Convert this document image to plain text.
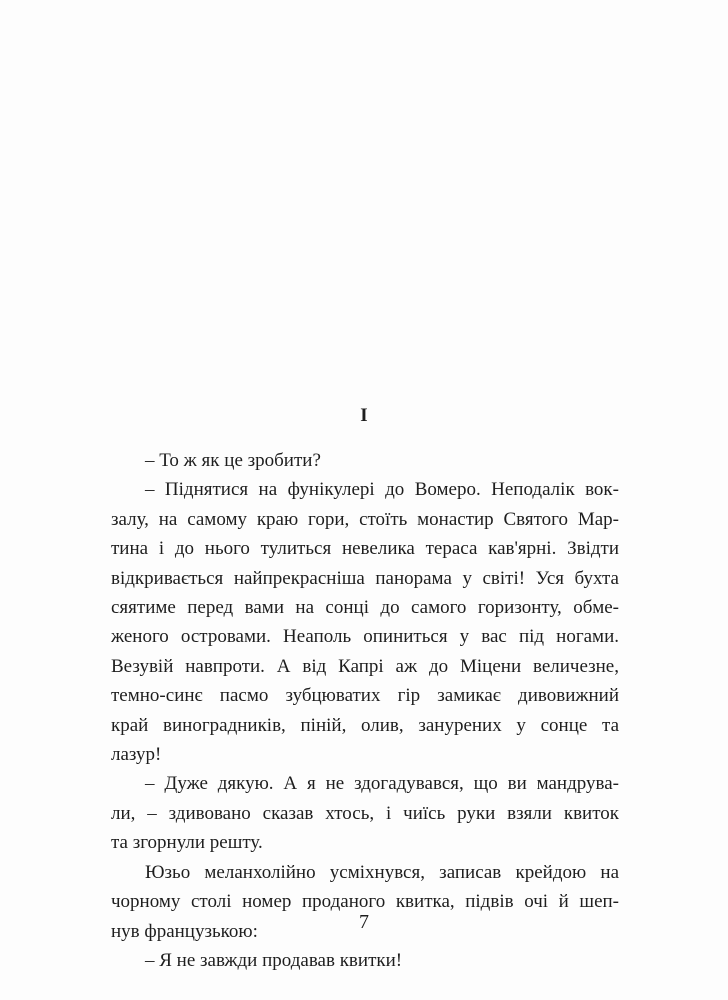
I

– То ж як це зробити?

– Піднятися на фунікулері до Вомеро. Неподалік вок-
залу, на самому краю гори, стоїть монастир Святого Мар-
тина і до нього тулиться невелика тераса кав'ярні. Звідти
відкривається найпрекрасніша панорама у світі! Уся бухта
сяятиме перед вами на сонці до самого горизонту, обме-
женого островами. Неаполь опиниться у вас під ногами.
Везувій навпроти. А від Капрі аж до Міцени величезне,
темно-синє пасмо зубцюватих гір замикає дивовижний
край виноградників, піній, олив, занурених у сонце та
лазур!

– Дуже дякую. А я не здогадувався, що ви мандрува-
ли, – здивовано сказав хтось, і чиїсь руки взяли квиток
та згорнули решту.

Юзьо меланхолійно усміхнувся, записав крейдою на
чорному столі номер проданого квитка, підвів очі й шеп-
нув французькою:

– Я не завжди продавав квитки!

7
